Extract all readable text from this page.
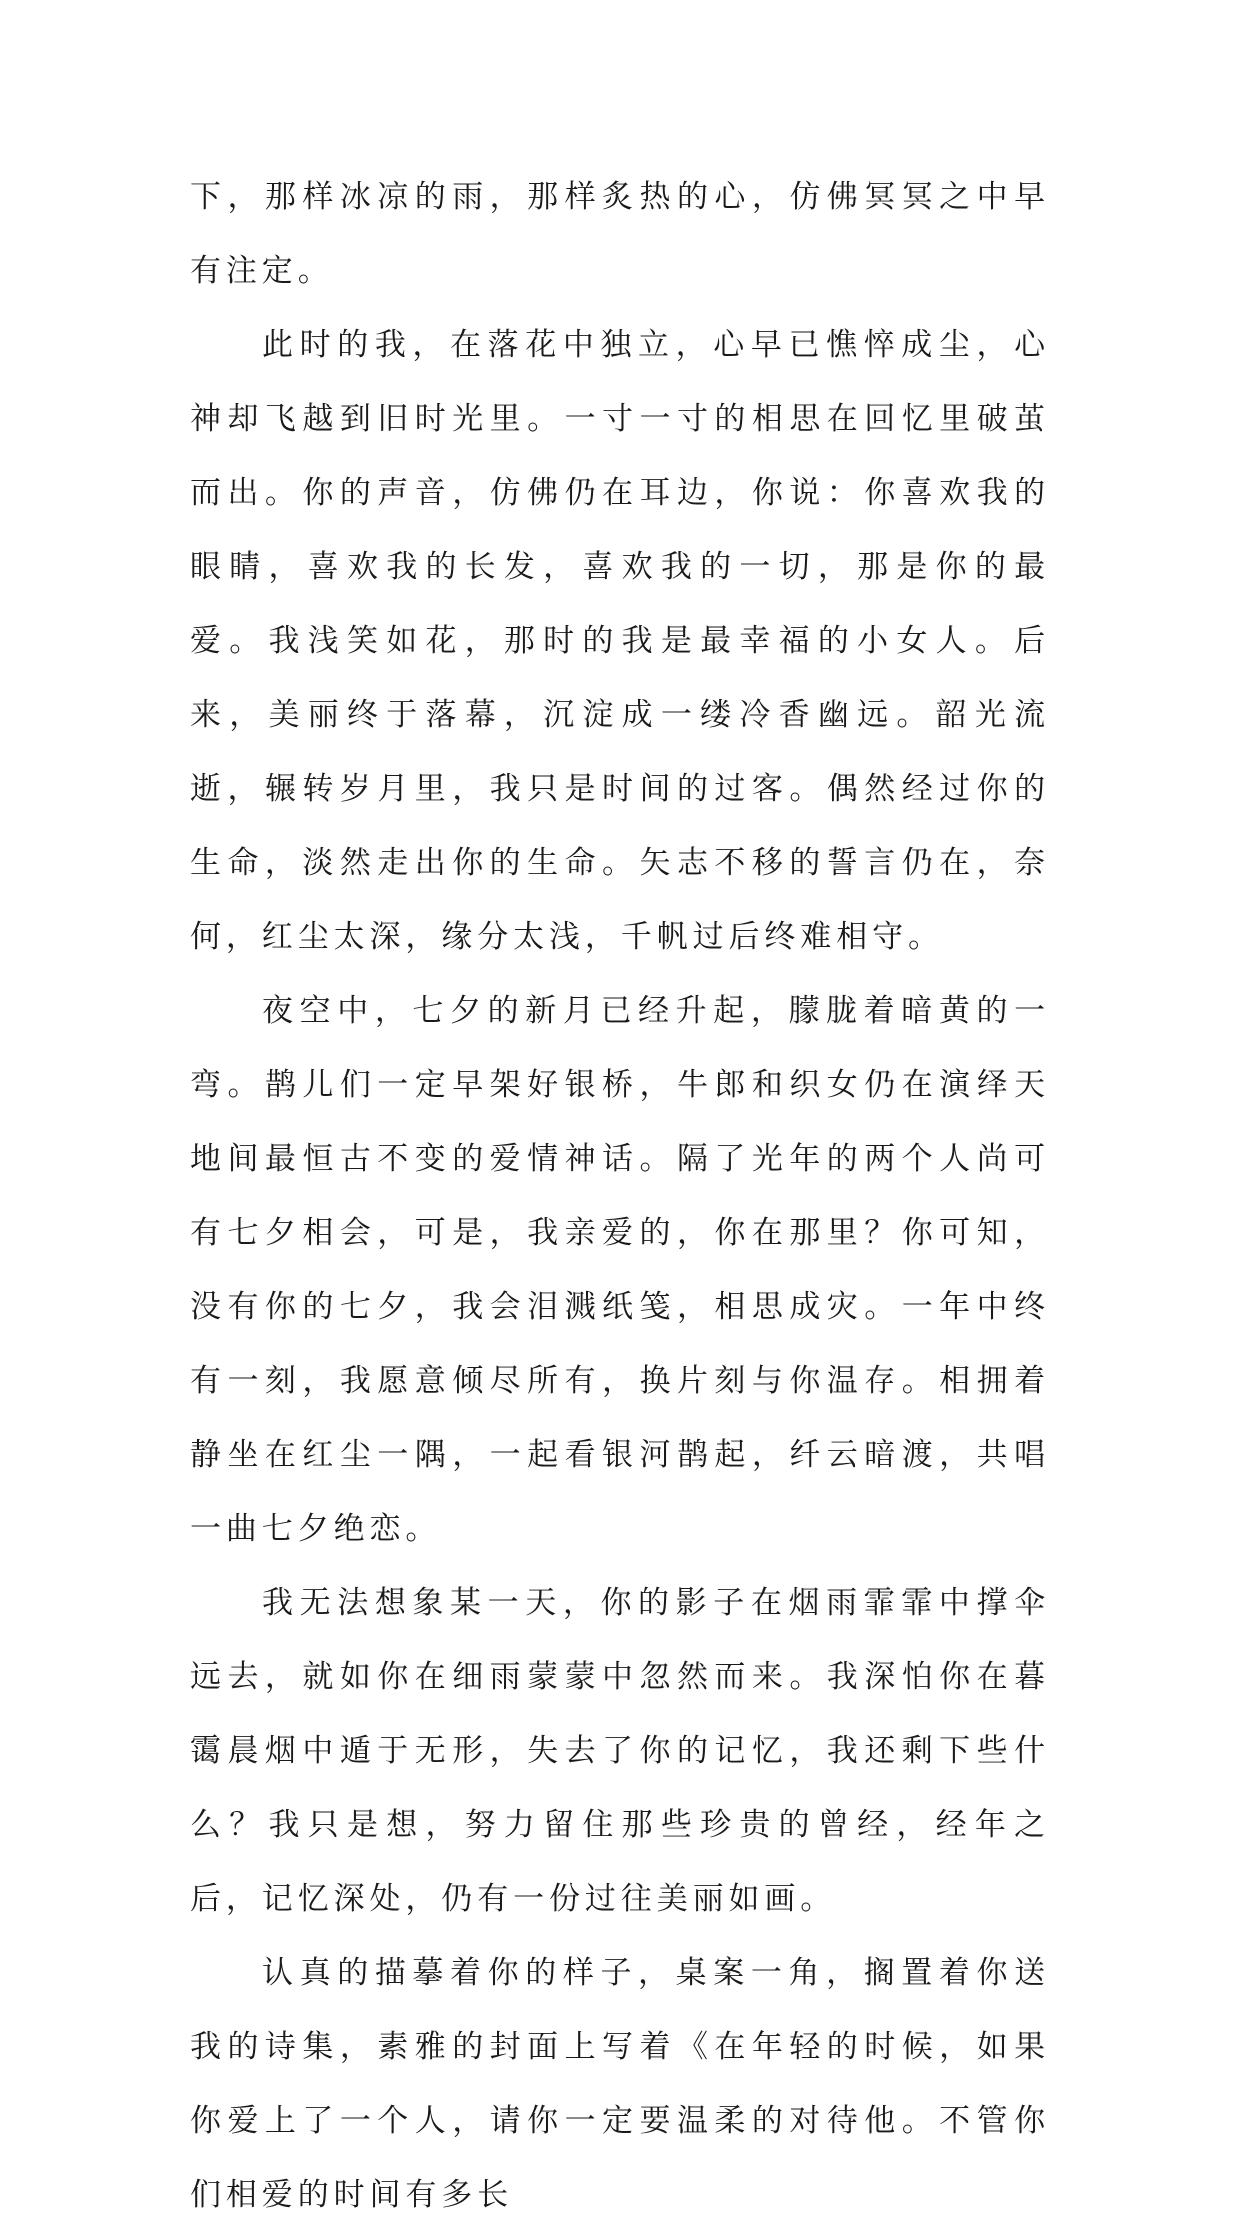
下，那样冰凉的雨，那样炙热的心，仿佛冥冥之中早有注定。

此时的我，在落花中独立，心早已憔悴成尘，心神却飞越到旧时光里。一寸一寸的相思在回忆里破茧而出。你的声音，仿佛仍在耳边，你说：你喜欢我的眼睛，喜欢我的长发，喜欢我的一切，那是你的最爱。我浅笑如花，那时的我是最幸福的小女人。后来，美丽终于落幕，沉淀成一缕冷香幽远。韶光流逝，辗转岁月里，我只是时间的过客。偶然经过你的生命，淡然走出你的生命。矢志不移的誓言仍在，奈何，红尘太深，缘分太浅，千帆过后终难相守。

夜空中，七夕的新月已经升起，朦胧着暗黄的一弯。鹊儿们一定早架好银桥，牛郎和织女仍在演绎天地间最恒古不变的爱情神话。隔了光年的两个人尚可有七夕相会，可是，我亲爱的，你在那里？你可知，没有你的七夕，我会泪溅纸笺，相思成灾。一年中终有一刻，我愿意倾尽所有，换片刻与你温存。相拥着静坐在红尘一隅，一起看银河鹊起，纤云暗渡，共唱一曲七夕绝恋。

我无法想象某一天，你的影子在烟雨霏霏中撑伞远去，就如你在细雨蒙蒙中忽然而来。我深怕你在暮霭晨烟中遁于无形，失去了你的记忆，我还剩下些什么？我只是想，努力留住那些珍贵的曾经，经年之后，记忆深处，仍有一份过往美丽如画。

认真的描摹着你的样子，桌案一角，搁置着你送我的诗集，素雅的封面上写着《在年轻的时候，如果你爱上了一个人，请你一定要温柔的对待他。不管你们相爱的时间有多长
